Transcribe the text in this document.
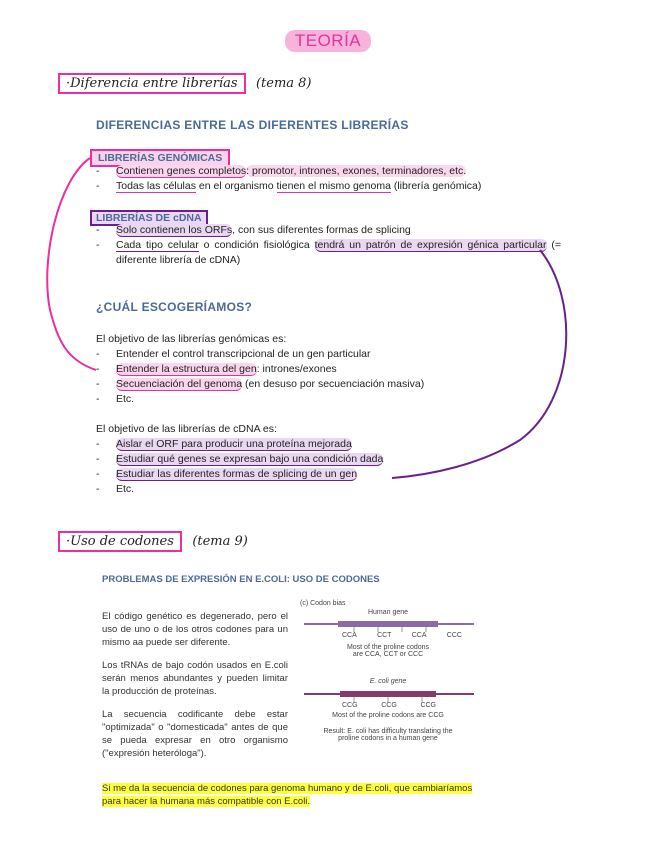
TEORÍA
·Diferencia entre librerías (tema 8)
DIFERENCIAS ENTRE LAS DIFERENTES LIBRERÍAS
LIBRERÍAS GENÓMICAS
- Contienen genes completos: promotor, intrones, exones, terminadores, etc.
- Todas las células en el organismo tienen el mismo genoma (librería genómica)
LIBRERÍAS DE cDNA
- Solo contienen los ORFs, con sus diferentes formas de splicing
- Cada tipo celular o condición fisiológica tendrá un patrón de expresión génica particular (= diferente librería de cDNA)
¿CUÁL ESCOGERÍAMOS?
El objetivo de las librerías genómicas es:
- Entender el control transcripcional de un gen particular
- Entender la estructura del gen: intrones/exones
- Secuenciación del genoma (en desuso por secuenciación masiva)
- Etc.
El objetivo de las librerías de cDNA es:
- Aislar el ORF para producir una proteína mejorada
- Estudiar qué genes se expresan bajo una condición dada
- Estudiar las diferentes formas de splicing de un gen
- Etc.
·Uso de codones (tema 9)
PROBLEMAS DE EXPRESIÓN EN E.COLI: USO DE CODONES

El código genético es degenerado, pero el uso de uno o de los otros codones para un mismo aa puede ser diferente.

Los tRNAs de bajo codón usados en E.coli serán menos abundantes y pueden limitar la producción de proteínas.

La secuencia codificante debe estar "optimizada" o "domesticada" antes de que se pueda expresar en otro organismo ("expresión heteróloga").

(c) Codon bias
Human gene
CCA	CCT	CCA	CCC
Most of the proline codons
are CCA, CCT or CCC
E. coli gene
CCG	CCG	CCG
Most of the proline codons are CCG
Result: E. coli has difficulty translating the
proline codons in a human gene
Si me da la secuencia de codones para genoma humano y de E.coli, que cambiaríamos para hacer la humana más compatible con E.coli.
